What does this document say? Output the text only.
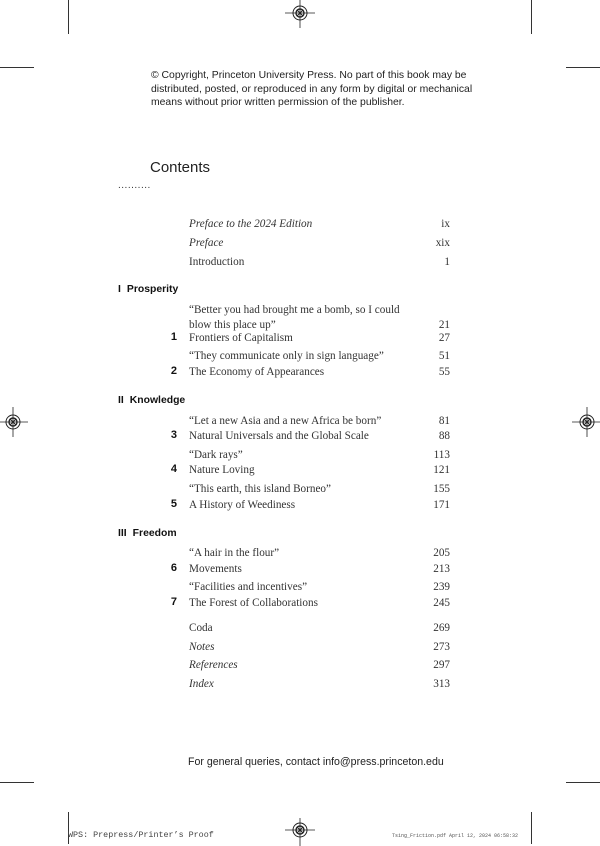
© Copyright, Princeton University Press. No part of this book may be distributed, posted, or reproduced in any form by digital or mechanical means without prior written permission of the publisher.
Contents
..........
Preface to the 2024 Edition	ix
Preface	xix
Introduction	1
I Prosperity
“Better you had brought me a bomb, so I could blow this place up”	21
1 Frontiers of Capitalism	27
“They communicate only in sign language”	51
2 The Economy of Appearances	55
II Knowledge
“Let a new Asia and a new Africa be born”	81
3 Natural Universals and the Global Scale	88
“Dark rays”	113
4 Nature Loving	121
“This earth, this island Borneo”	155
5 A History of Weediness	171
III Freedom
“A hair in the flour”	205
6 Movements	213
“Facilities and incentives”	239
7 The Forest of Collaborations	245
Coda	269
Notes	273
References	297
Index	313
For general queries, contact info@press.princeton.edu
WPS: Prepress/Printer’s Proof	Tsing_Friction.pdf April 12, 2024 06:58:32
